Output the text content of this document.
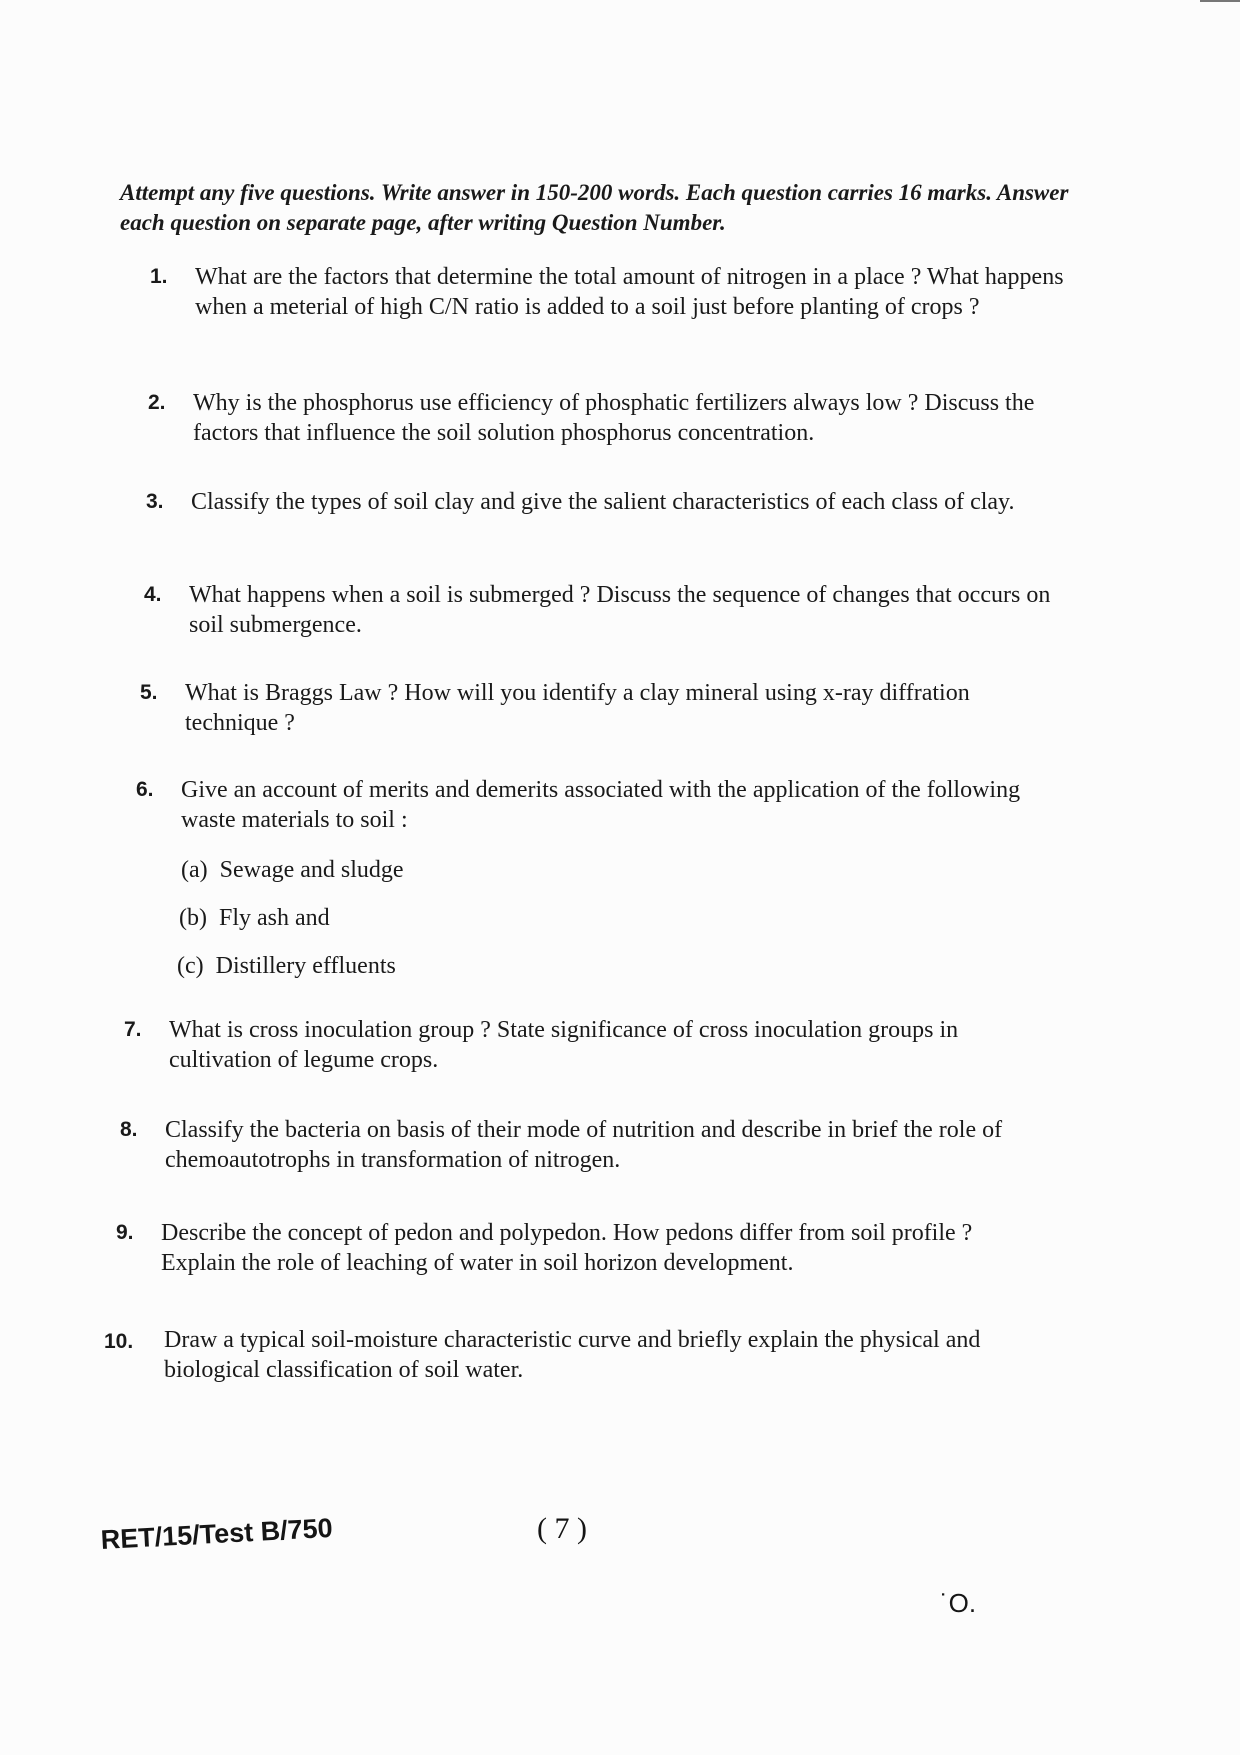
Attempt any five questions. Write answer in 150-200 words. Each question carries 16 marks. Answer each question on separate page, after writing Question Number.
1. What are the factors that determine the total amount of nitrogen in a place ? What happens when a meterial of high C/N ratio is added to a soil just before planting of crops ?
2. Why is the phosphorus use efficiency of phosphatic fertilizers always low ? Discuss the factors that influence the soil solution phosphorus concentration.
3. Classify the types of soil clay and give the salient characteristics of each class of clay.
4. What happens when a soil is submerged ? Discuss the sequence of changes that occurs on soil submergence.
5. What is Braggs Law ? How will you identify a clay mineral using x-ray diffration technique ?
6. Give an account of merits and demerits associated with the application of the following waste materials to soil :
(a)  Sewage and sludge
(b)  Fly ash and
(c)  Distillery effluents
7. What is cross inoculation group ? State significance of cross inoculation groups in cultivation of legume crops.
8. Classify the bacteria on basis of their mode of nutrition and describe in brief the role of chemoautotrophs in transformation of nitrogen.
9. Describe the concept of pedon and polypedon. How pedons differ from soil profile ? Explain the role of leaching of water in soil horizon development.
10. Draw a typical soil-moisture characteristic curve and briefly explain the physical and biological classification of soil water.
RET/15/Test B/750	( 7 )
˙O.
